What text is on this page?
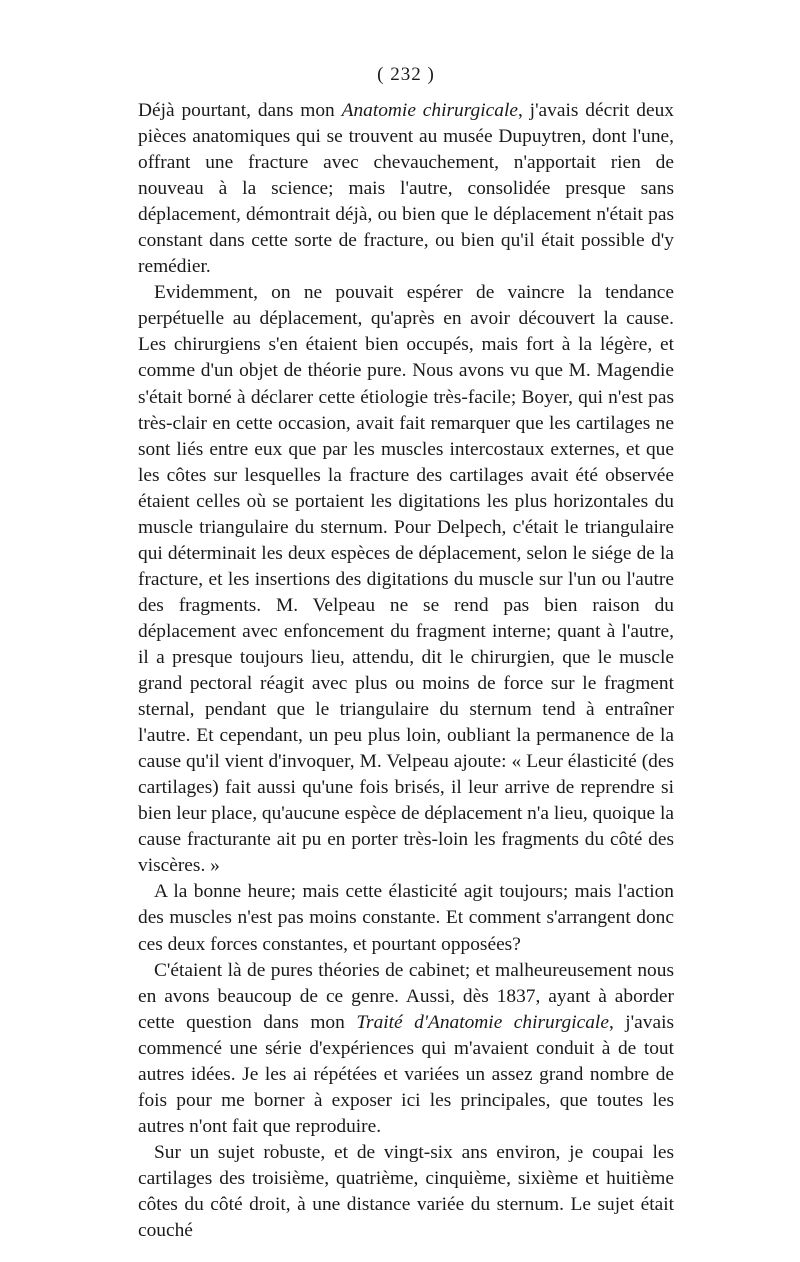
( 232 )

Déjà pourtant, dans mon Anatomie chirurgicale, j'avais décrit deux pièces anatomiques qui se trouvent au musée Dupuytren, dont l'une, offrant une fracture avec chevauchement, n'apportait rien de nouveau à la science; mais l'autre, consolidée presque sans déplacement, démontrait déjà, ou bien que le déplacement n'était pas constant dans cette sorte de fracture, ou bien qu'il était possible d'y remédier.

Evidemment, on ne pouvait espérer de vaincre la tendance perpétuelle au déplacement, qu'après en avoir découvert la cause. Les chirurgiens s'en étaient bien occupés, mais fort à la légère, et comme d'un objet de théorie pure. Nous avons vu que M. Magendie s'était borné à déclarer cette étiologie très-facile; Boyer, qui n'est pas très-clair en cette occasion, avait fait remarquer que les cartilages ne sont liés entre eux que par les muscles intercostaux externes, et que les côtes sur lesquelles la fracture des cartilages avait été observée étaient celles où se portaient les digitations les plus horizontales du muscle triangulaire du sternum. Pour Delpech, c'était le triangulaire qui déterminait les deux espèces de déplacement, selon le siége de la fracture, et les insertions des digitations du muscle sur l'un ou l'autre des fragments. M. Velpeau ne se rend pas bien raison du déplacement avec enfoncement du fragment interne; quant à l'autre, il a presque toujours lieu, attendu, dit le chirurgien, que le muscle grand pectoral réagit avec plus ou moins de force sur le fragment sternal, pendant que le triangulaire du sternum tend à entraîner l'autre. Et cependant, un peu plus loin, oubliant la permanence de la cause qu'il vient d'invoquer, M. Velpeau ajoute: « Leur élasticité (des cartilages) fait aussi qu'une fois brisés, il leur arrive de reprendre si bien leur place, qu'aucune espèce de déplacement n'a lieu, quoique la cause fracturante ait pu en porter très-loin les fragments du côté des viscères. »

A la bonne heure; mais cette élasticité agit toujours; mais l'action des muscles n'est pas moins constante. Et comment s'arrangent donc ces deux forces constantes, et pourtant opposées?

C'étaient là de pures théories de cabinet; et malheureusement nous en avons beaucoup de ce genre. Aussi, dès 1837, ayant à aborder cette question dans mon Traité d'Anatomie chirurgicale, j'avais commencé une série d'expériences qui m'avaient conduit à de tout autres idées. Je les ai répétées et variées un assez grand nombre de fois pour me borner à exposer ici les principales, que toutes les autres n'ont fait que reproduire.

Sur un sujet robuste, et de vingt-six ans environ, je coupai les cartilages des troisième, quatrième, cinquième, sixième et huitième côtes du côté droit, à une distance variée du sternum. Le sujet était couché
